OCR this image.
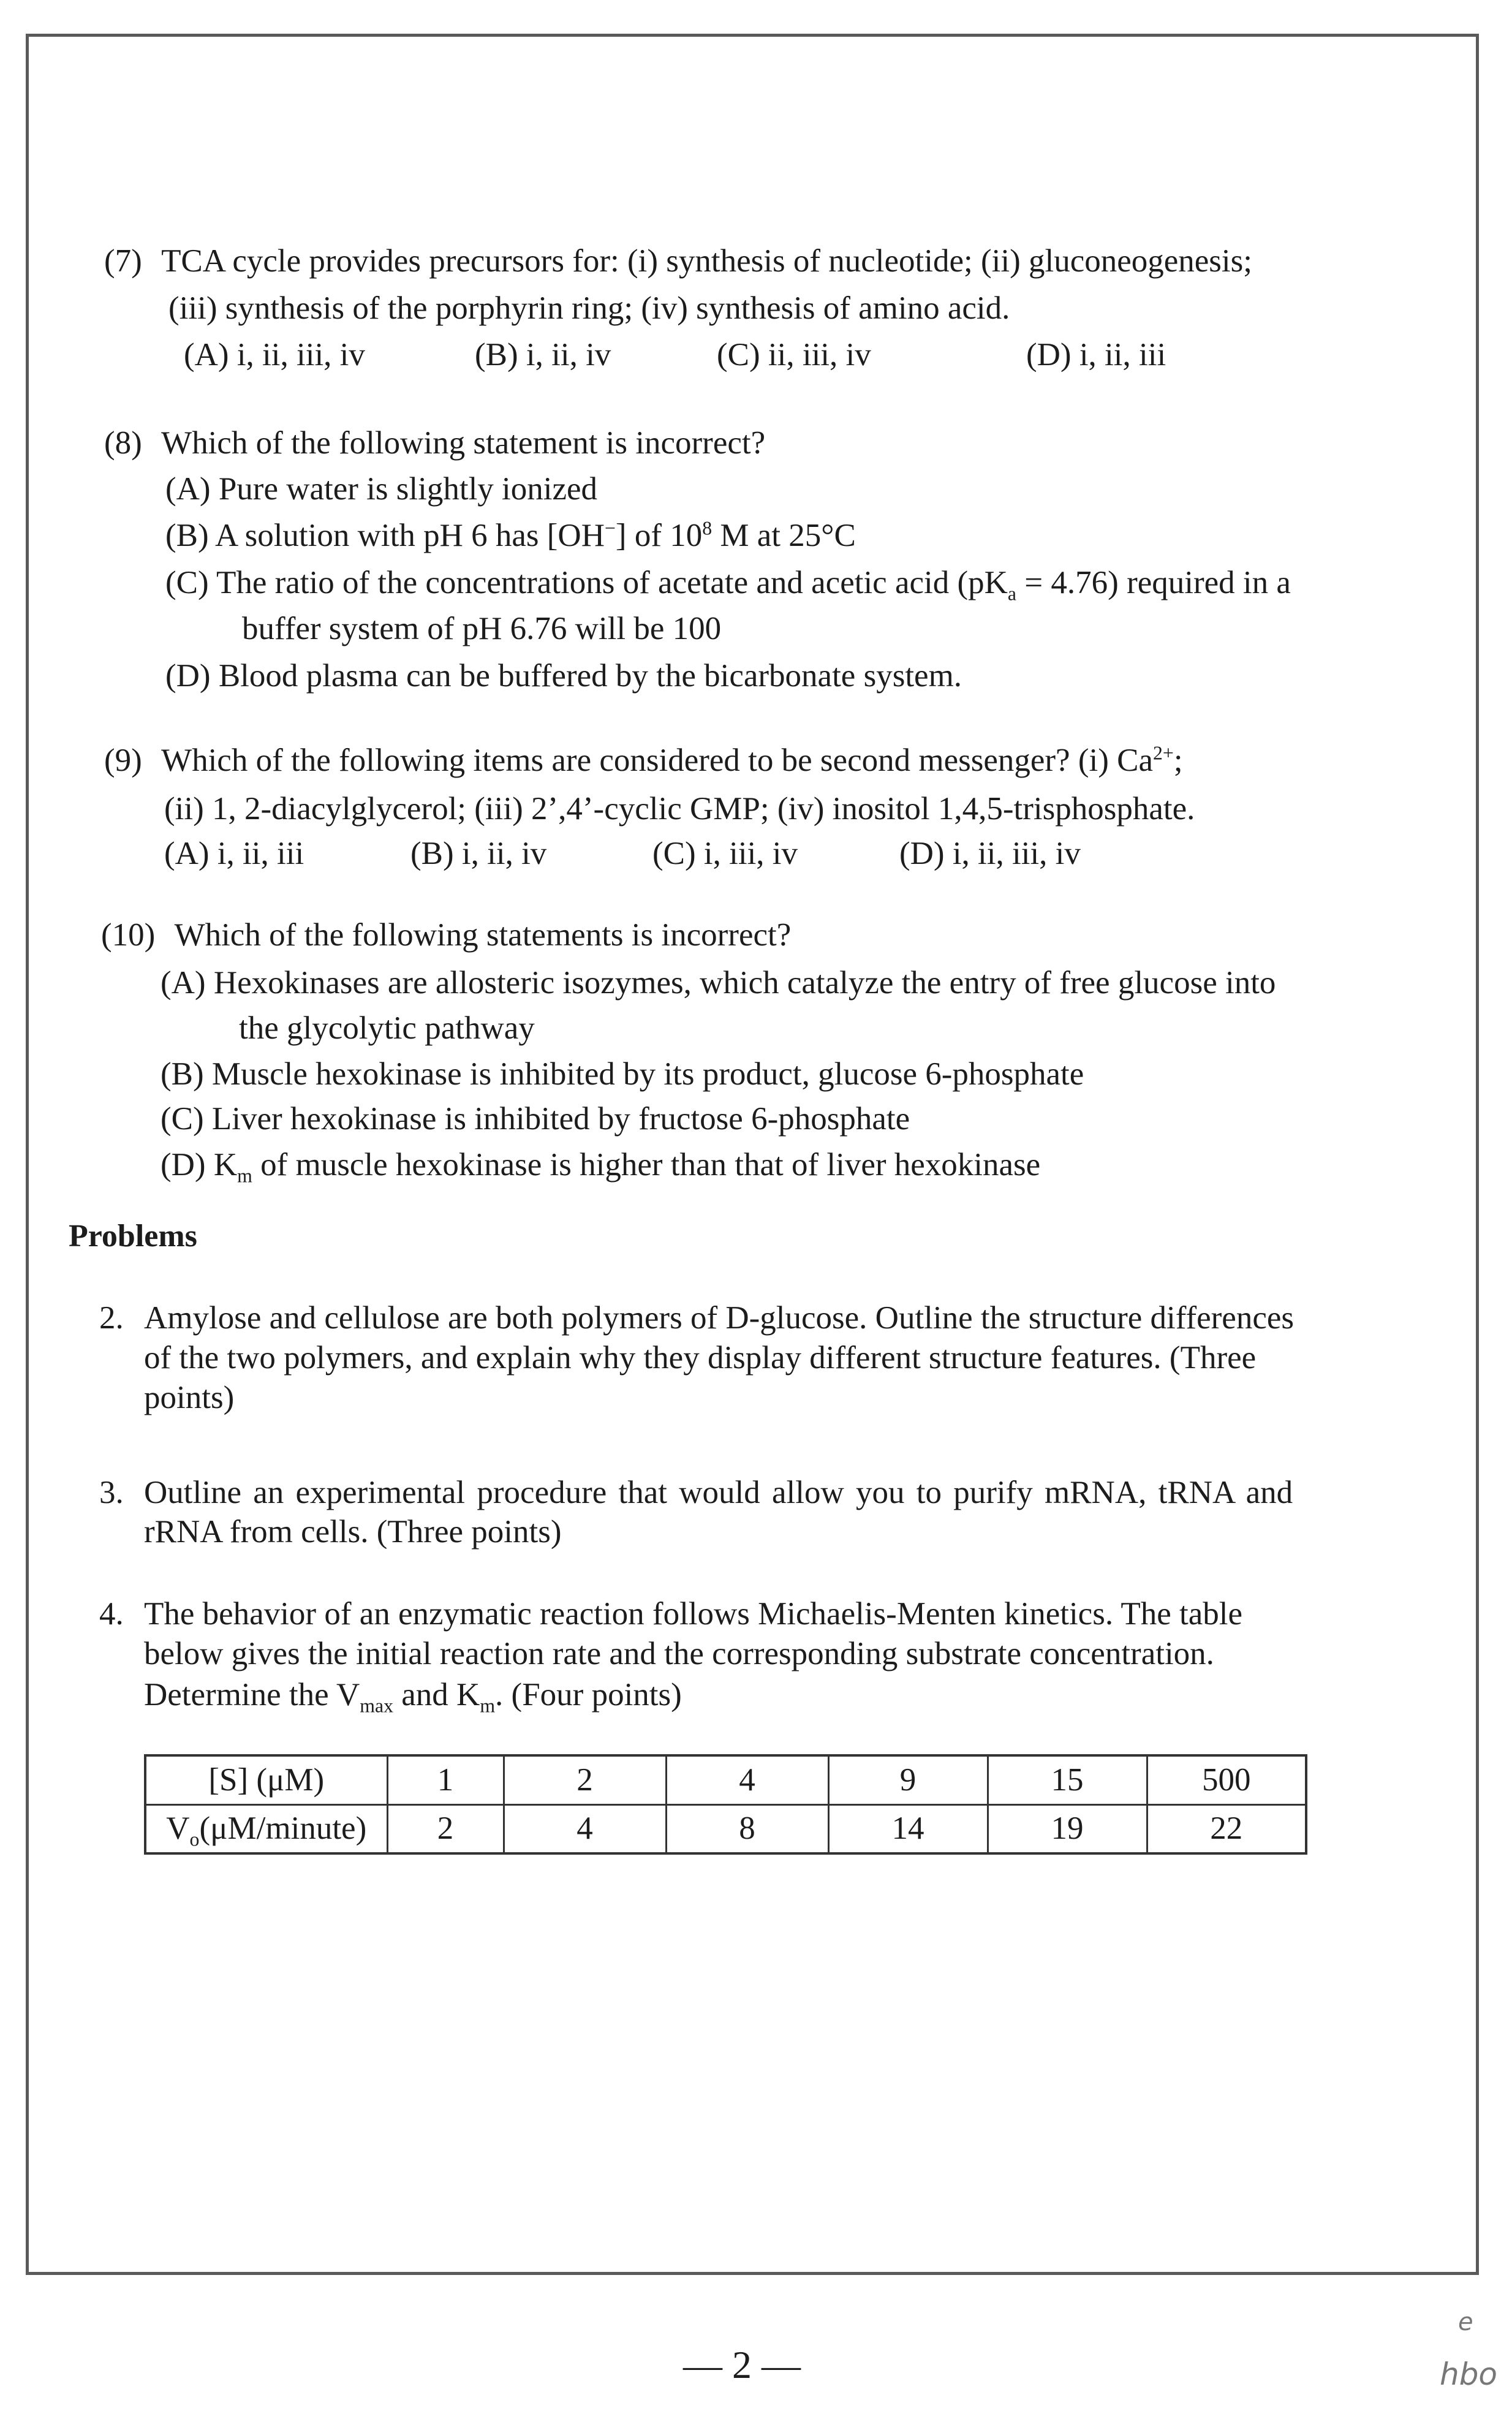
(7) TCA cycle provides precursors for: (i) synthesis of nucleotide; (ii) gluconeogenesis;
(iii) synthesis of the porphyrin ring; (iv) synthesis of amino acid.
(A) i, ii, iii, iv	(B) i, ii, iv	(C) ii, iii, iv	(D) i, ii, iii
(8) Which of the following statement is incorrect?
(A) Pure water is slightly ionized
(B) A solution with pH 6 has [OH−] of $10^8$ M at 25°C
(C) The ratio of the concentrations of acetate and acetic acid $(pK_a = 4.76)$ required in a
buffer system of pH 6.76 will be 100
(D) Blood plasma can be buffered by the bicarbonate system.
(9) Which of the following items are considered to be second messenger? (i) $Ca^{2+}$;
(ii) 1, 2-diacylglycerol; (iii) 2’,4’-cyclic GMP; (iv) inositol 1,4,5-trisphosphate.
(A) i, ii, iii	(B) i, ii, iv	(C) i, iii, iv	(D) i, ii, iii, iv
(10) Which of the following statements is incorrect?
(A) Hexokinases are allosteric isozymes, which catalyze the entry of free glucose into
the glycolytic pathway
(B) Muscle hexokinase is inhibited by its product, glucose 6-phosphate
(C) Liver hexokinase is inhibited by fructose 6-phosphate
(D) $K_m$ of muscle hexokinase is higher than that of liver hexokinase
Problems
2. Amylose and cellulose are both polymers of D-glucose. Outline the structure differences
of the two polymers, and explain why they display different structure features. (Three
points)
3. Outline an experimental procedure that would allow you to purify mRNA, tRNA and
rRNA from cells. (Three points)
4. The behavior of an enzymatic reaction follows Michaelis-Menten kinetics. The table
below gives the initial reaction rate and the corresponding substrate concentration.
Determine the $V_{max}$ and $K_m$. (Four points)
[S] (μM)	1	2	4	9	15	500
$V_o(\mu M/minute)$	2	4	8	14	19	22
— 2 —
e
hbo
